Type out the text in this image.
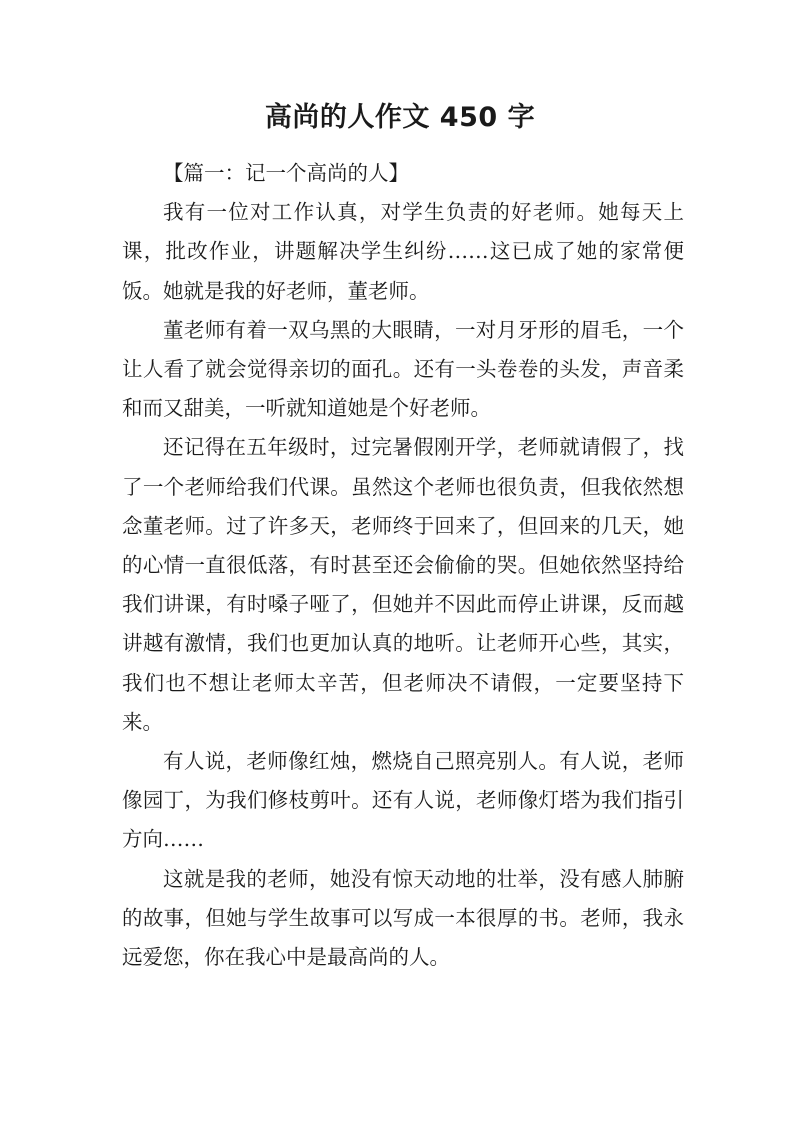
高尚的人作文 450 字

【篇一：记一个高尚的人】

我有一位对工作认真，对学生负责的好老师。她每天上课，批改作业，讲题解决学生纠纷……这已成了她的家常便饭。她就是我的好老师，董老师。

董老师有着一双乌黑的大眼睛，一对月牙形的眉毛，一个让人看了就会觉得亲切的面孔。还有一头卷卷的头发，声音柔和而又甜美，一听就知道她是个好老师。

还记得在五年级时，过完暑假刚开学，老师就请假了，找了一个老师给我们代课。虽然这个老师也很负责，但我依然想念董老师。过了许多天，老师终于回来了，但回来的几天，她的心情一直很低落，有时甚至还会偷偷的哭。但她依然坚持给我们讲课，有时嗓子哑了，但她并不因此而停止讲课，反而越讲越有激情，我们也更加认真的地听。让老师开心些，其实，我们也不想让老师太辛苦，但老师决不请假，一定要坚持下来。

有人说，老师像红烛，燃烧自己照亮别人。有人说，老师像园丁，为我们修枝剪叶。还有人说，老师像灯塔为我们指引方向……

这就是我的老师，她没有惊天动地的壮举，没有感人肺腑的故事，但她与学生故事可以写成一本很厚的书。老师，我永远爱您，你在我心中是最高尚的人。
